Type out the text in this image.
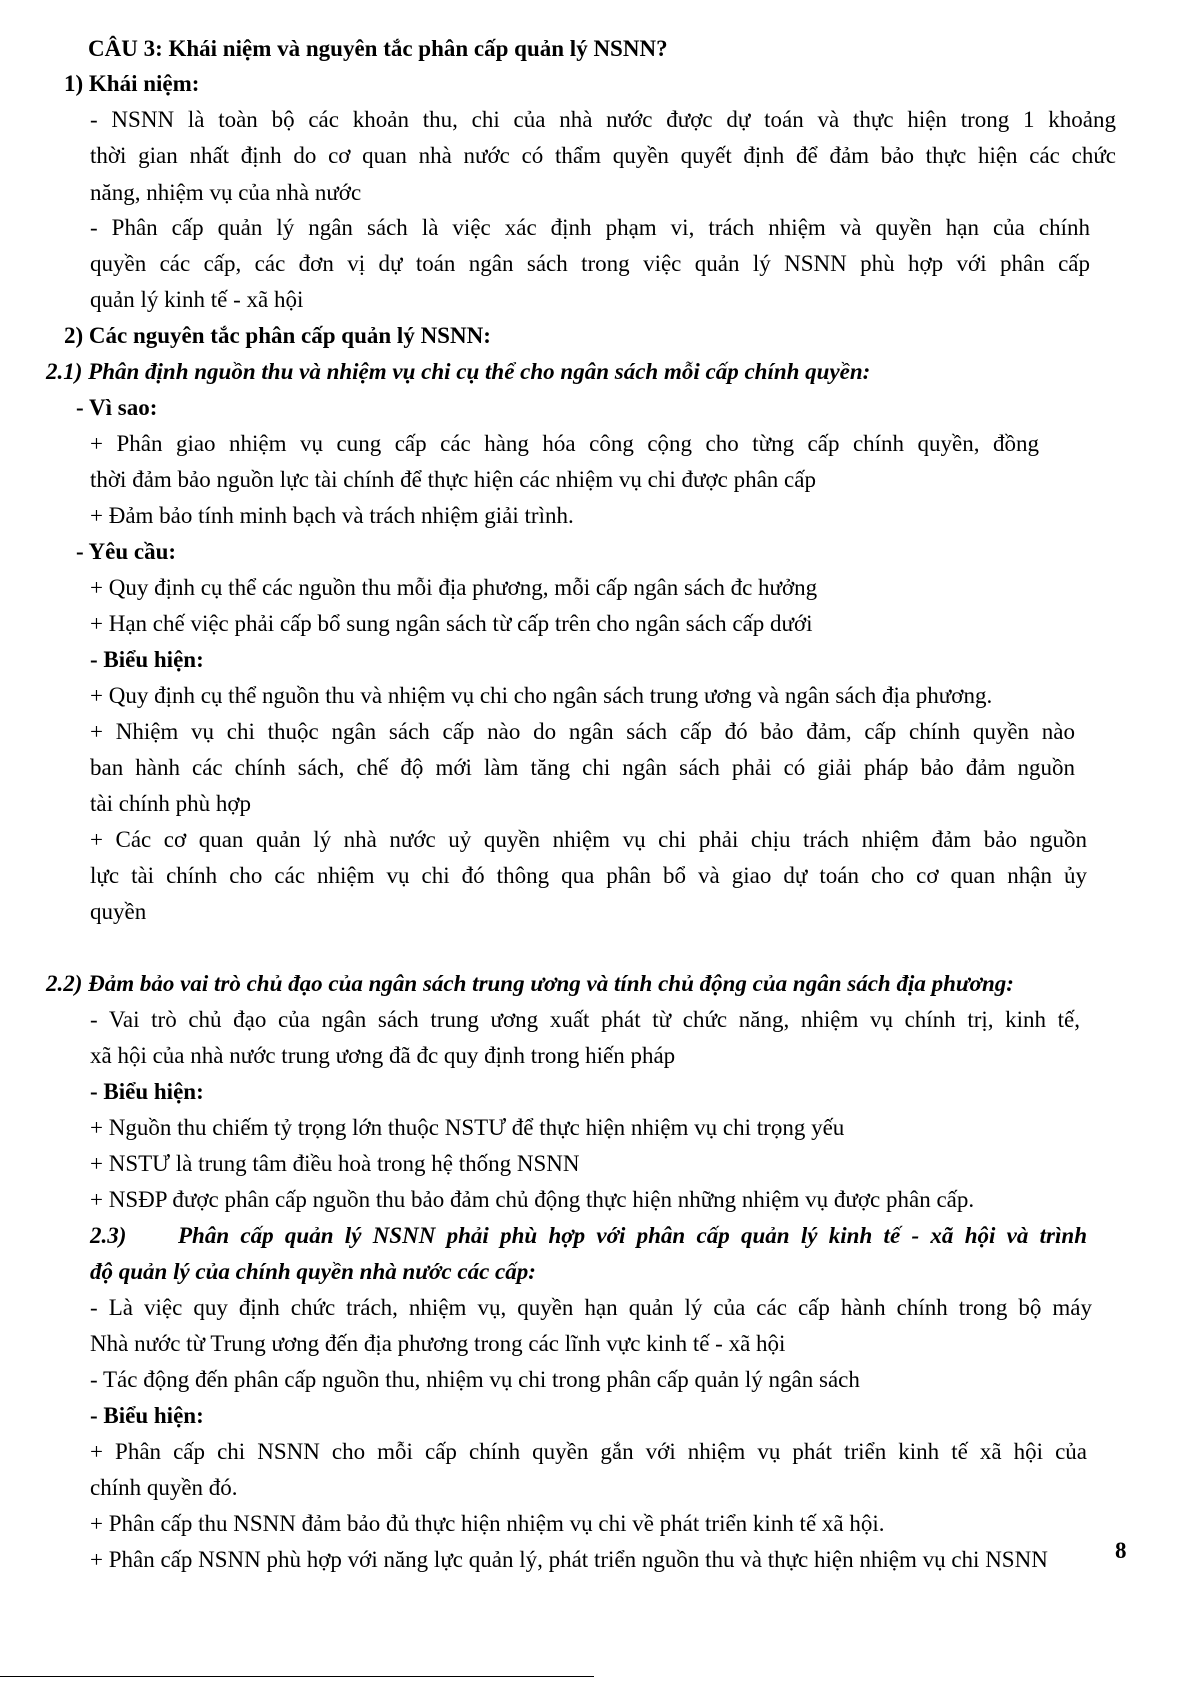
CÂU 3: Khái niệm và nguyên tắc phân cấp quản lý NSNN?
1) Khái niệm:
- NSNN là toàn bộ các khoản thu, chi của nhà nước được dự toán và thực hiện trong 1 khoảng
thời gian nhất định do cơ quan nhà nước có thẩm quyền quyết định để đảm bảo thực hiện các chức
năng, nhiệm vụ của nhà nước
- Phân cấp quản lý ngân sách là việc xác định phạm vi, trách nhiệm và quyền hạn của chính
quyền các cấp, các đơn vị dự toán ngân sách trong việc quản lý NSNN phù hợp với phân cấp
quản lý kinh tế - xã hội
2) Các nguyên tắc phân cấp quản lý NSNN:
2.1) Phân định nguồn thu và nhiệm vụ chi cụ thể cho ngân sách mỗi cấp chính quyền:
- Vì sao:
+ Phân giao nhiệm vụ cung cấp các hàng hóa công cộng cho từng cấp chính quyền, đồng
thời đảm bảo nguồn lực tài chính để thực hiện các nhiệm vụ chi được phân cấp
+ Đảm bảo tính minh bạch và trách nhiệm giải trình.
- Yêu cầu:
+ Quy định cụ thể các nguồn thu mỗi địa phương, mỗi cấp ngân sách đc hưởng
+ Hạn chế việc phải cấp bổ sung ngân sách từ cấp trên cho ngân sách cấp dưới
- Biểu hiện:
+ Quy định cụ thể nguồn thu và nhiệm vụ chi cho ngân sách trung ương và ngân sách địa phương.
+ Nhiệm vụ chi thuộc ngân sách cấp nào do ngân sách cấp đó bảo đảm, cấp chính quyền nào
ban hành các chính sách, chế độ mới làm tăng chi ngân sách phải có giải pháp bảo đảm nguồn
tài chính phù hợp
+ Các cơ quan quản lý nhà nước uỷ quyền nhiệm vụ chi phải chịu trách nhiệm đảm bảo nguồn
lực tài chính cho các nhiệm vụ chi đó thông qua phân bổ và giao dự toán cho cơ quan nhận ủy
quyền
2.2) Đảm bảo vai trò chủ đạo của ngân sách trung ương và tính chủ động của ngân sách địa phương:
- Vai trò chủ đạo của ngân sách trung ương xuất phát từ chức năng, nhiệm vụ chính trị, kinh tế,
xã hội của nhà nước trung ương đã đc quy định trong hiến pháp
- Biểu hiện:
+ Nguồn thu chiếm tỷ trọng lớn thuộc NSTƯ để thực hiện nhiệm vụ chi trọng yếu
+ NSTƯ là trung tâm điều hoà trong hệ thống NSNN
+ NSĐP được phân cấp nguồn thu bảo đảm chủ động thực hiện những nhiệm vụ được phân cấp.
2.3) Phân cấp quản lý NSNN phải phù hợp với phân cấp quản lý kinh tế - xã hội và trình
độ quản lý của chính quyền nhà nước các cấp:
- Là việc quy định chức trách, nhiệm vụ, quyền hạn quản lý của các cấp hành chính trong bộ máy
Nhà nước từ Trung ương đến địa phương trong các lĩnh vực kinh tế - xã hội
- Tác động đến phân cấp nguồn thu, nhiệm vụ chi trong phân cấp quản lý ngân sách
- Biểu hiện:
+ Phân cấp chi NSNN cho mỗi cấp chính quyền gắn với nhiệm vụ phát triển kinh tế xã hội của
chính quyền đó.
+ Phân cấp thu NSNN đảm bảo đủ thực hiện nhiệm vụ chi về phát triển kinh tế xã hội.
+ Phân cấp NSNN phù hợp với năng lực quản lý, phát triển nguồn thu và thực hiện nhiệm vụ chi NSNN	8
